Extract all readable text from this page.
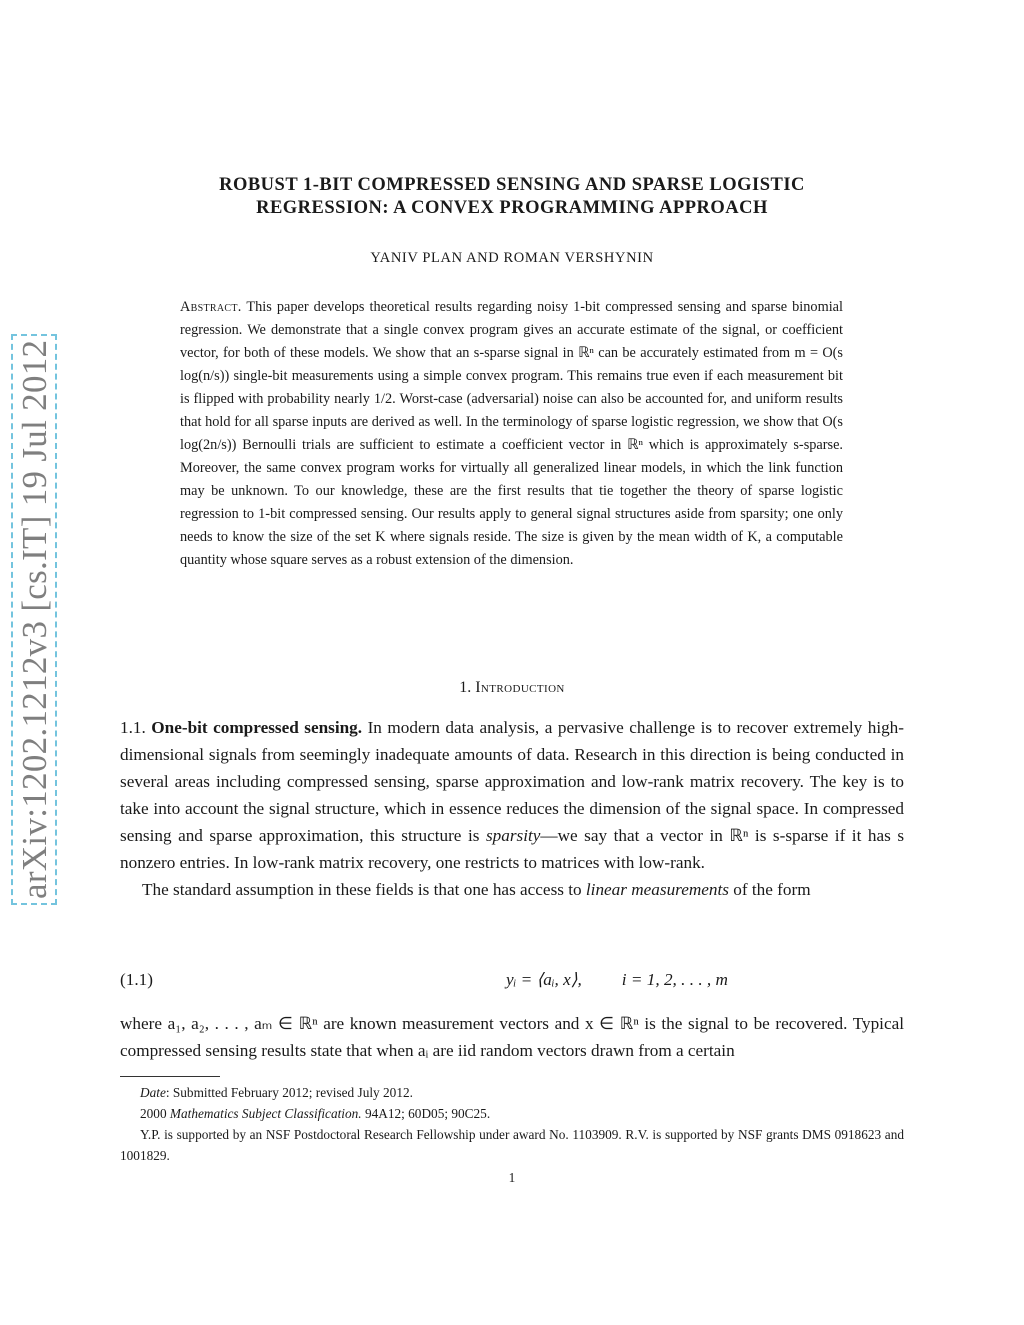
arXiv:1202.1212v3 [cs.IT] 19 Jul 2012
ROBUST 1-BIT COMPRESSED SENSING AND SPARSE LOGISTIC
REGRESSION: A CONVEX PROGRAMMING APPROACH
YANIV PLAN AND ROMAN VERSHYNIN

Abstract. This paper develops theoretical results regarding noisy 1-bit compressed sensing and sparse binomial regression. We demonstrate that a single convex program gives an accurate estimate of the signal, or coefficient vector, for both of these models. We show that an s-sparse signal in ℝⁿ can be accurately estimated from m = O(s log(n/s)) single-bit measurements using a simple convex program. This remains true even if each measurement bit is flipped with probability nearly 1/2. Worst-case (adversarial) noise can also be accounted for, and uniform results that hold for all sparse inputs are derived as well. In the terminology of sparse logistic regression, we show that O(s log(2n/s)) Bernoulli trials are sufficient to estimate a coefficient vector in ℝⁿ which is approximately s-sparse. Moreover, the same convex program works for virtually all generalized linear models, in which the link function may be unknown. To our knowledge, these are the first results that tie together the theory of sparse logistic regression to 1-bit compressed sensing. Our results apply to general signal structures aside from sparsity; one only needs to know the size of the set K where signals reside. The size is given by the mean width of K, a computable quantity whose square serves as a robust extension of the dimension.

1. Introduction

1.1. One-bit compressed sensing. In modern data analysis, a pervasive challenge is to recover extremely high-dimensional signals from seemingly inadequate amounts of data. Research in this direction is being conducted in several areas including compressed sensing, sparse approximation and low-rank matrix recovery. The key is to take into account the signal structure, which in essence reduces the dimension of the signal space. In compressed sensing and sparse approximation, this structure is sparsity—we say that a vector in ℝⁿ is s-sparse if it has s nonzero entries. In low-rank matrix recovery, one restricts to matrices with low-rank.

The standard assumption in these fields is that one has access to linear measurements of the form

(1.1)	yᵢ = ⟨aᵢ, x⟩, i = 1, 2, . . . , m

where a₁, a₂, . . . , aₘ ∈ ℝⁿ are known measurement vectors and x ∈ ℝⁿ is the signal to be recovered. Typical compressed sensing results state that when aᵢ are iid random vectors drawn from a certain

Date: Submitted February 2012; revised July 2012.

2000 Mathematics Subject Classification. 94A12; 60D05; 90C25.

Y.P. is supported by an NSF Postdoctoral Research Fellowship under award No. 1103909. R.V. is supported by NSF grants DMS 0918623 and 1001829.

1
